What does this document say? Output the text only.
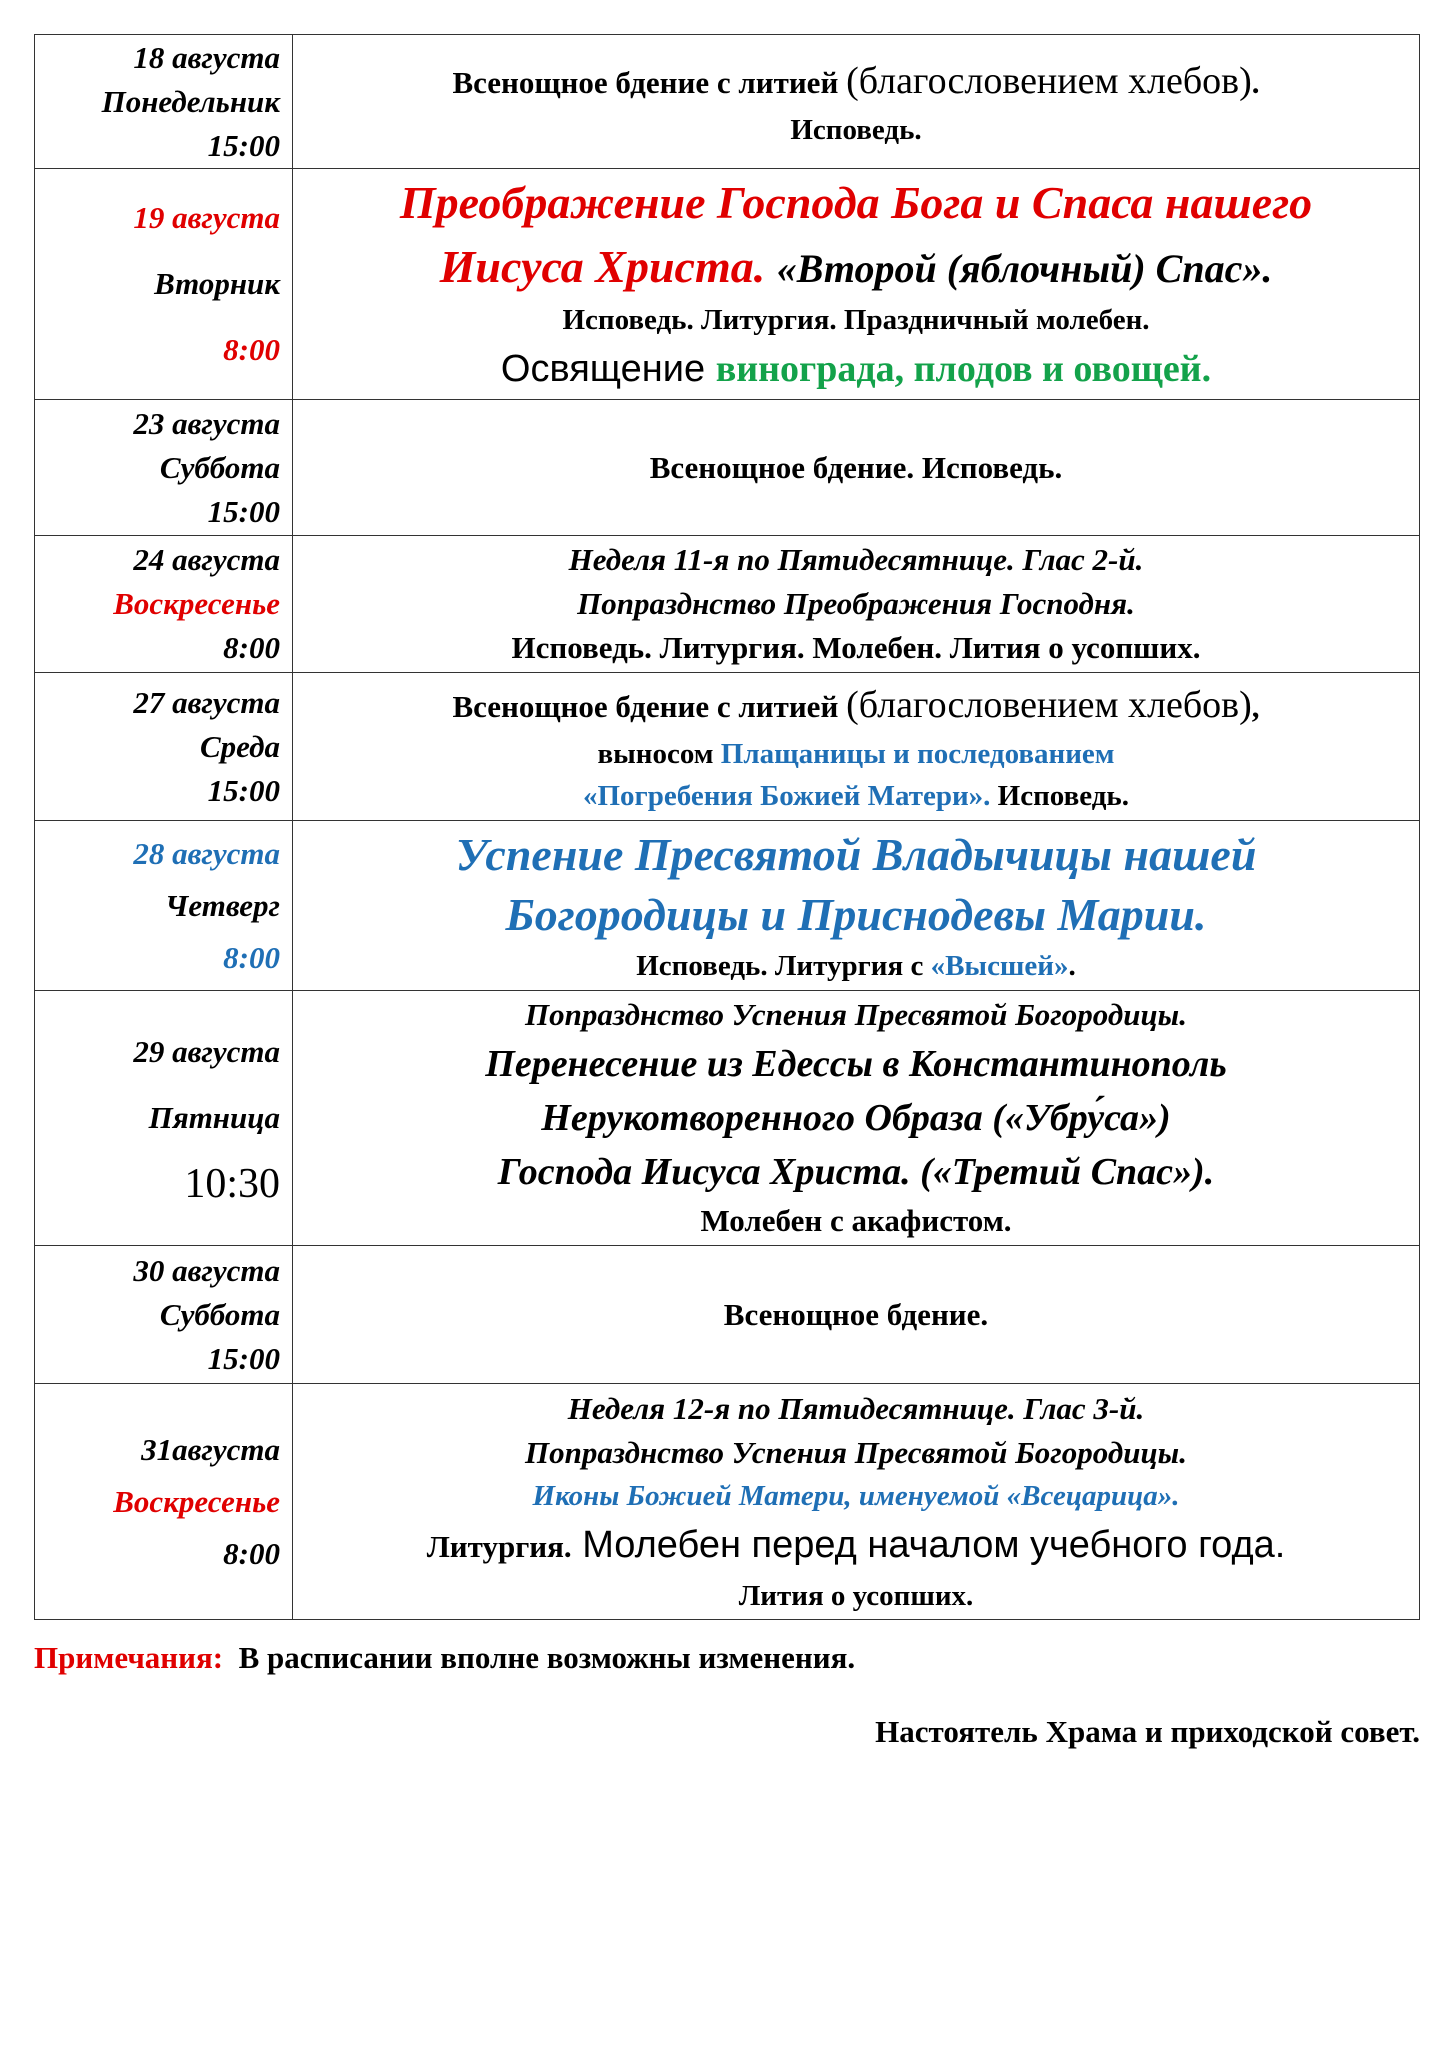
18 августа
Понедельник
15:00	Всенощное бдение с литией (благословением хлебов).
Исповедь.

19 августа
Вторник
8:00	Преображение Господа Бога и Спаса нашего
Иисуса Христа. «Второй (яблочный) Спас».
Исповедь. Литургия. Праздничный молебен.
Освящение винограда, плодов и овощей.

23 августа
Суббота
15:00	Всенощное бдение. Исповедь.

24 августа
Воскресенье
8:00	Неделя 11-я по Пятидесятнице. Глас 2-й.
Попразднство Преображения Господня.
Исповедь. Литургия. Молебен. Лития о усопших.

27 августа
Среда
15:00	Всенощное бдение с литией (благословением хлебов),
выносом Плащаницы и последованием
«Погребения Божией Матери». Исповедь.

28 августа
Четверг
8:00	Успение Пресвятой Владычицы нашей
Богородицы и Приснодевы Марии.
Исповедь. Литургия с «Высшей».

29 августа
Пятница
10:30	Попразднство Успения Пресвятой Богородицы.
Перенесение из Едессы в Константинополь
Нерукотворенного Образа («Убру́са»)
Господа Иисуса Христа. («Третий Спас»).
Молебен с акафистом.

30 августа
Суббота
15:00	Всенощное бдение.

31августа
Воскресенье
8:00	Неделя 12-я по Пятидесятнице. Глас 3-й.
Попразднство Успения Пресвятой Богородицы.
Иконы Божией Матери, именуемой «Всецарица».
Литургия. Молебен перед началом учебного года.
Лития о усопших.
Примечания: В расписании вполне возможны изменения.
Настоятель Храма и приходской совет.
